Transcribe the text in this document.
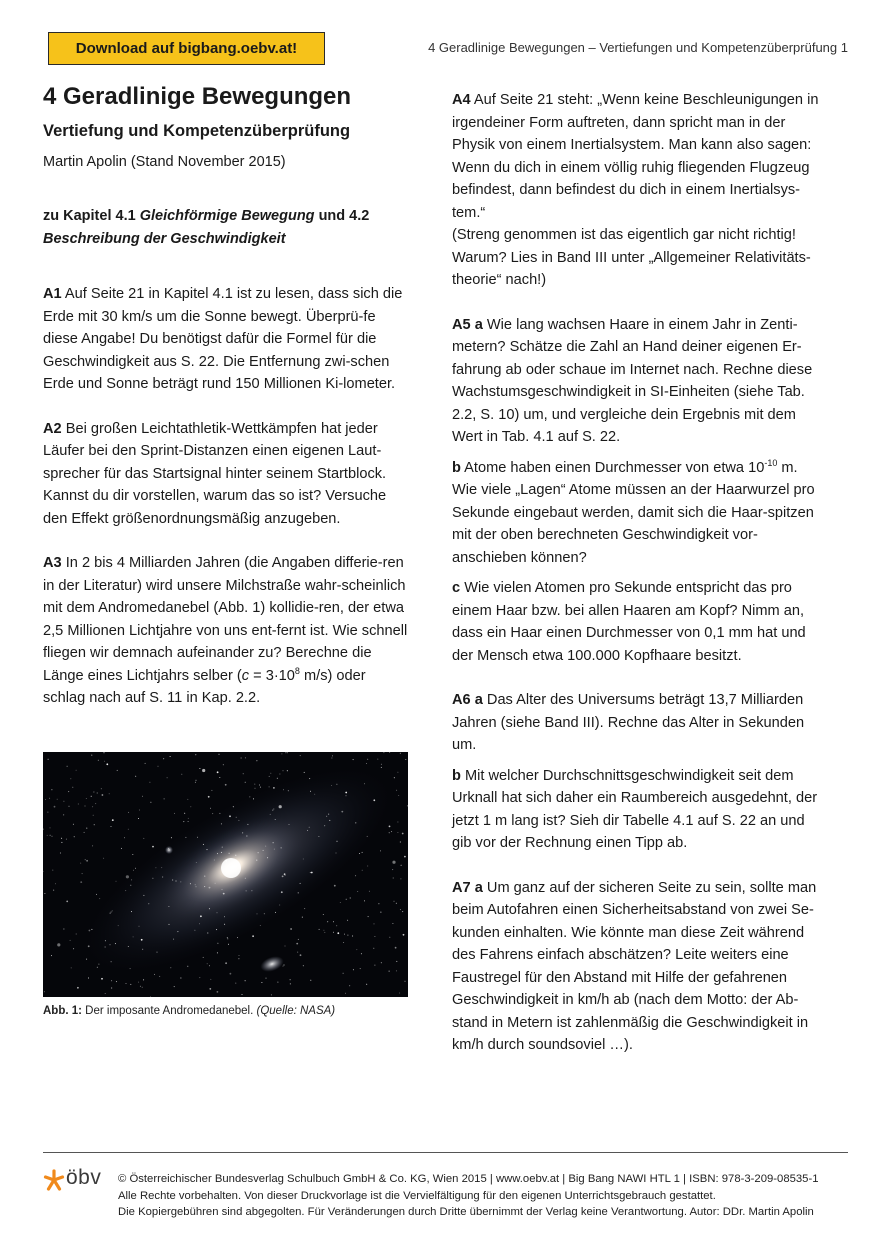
Download auf bigbang.oebv.at!	4 Geradlinige Bewegungen – Vertiefungen und Kompetenzüberprüfung 1
4 Geradlinige Bewegungen
Vertiefung und Kompetenzüberprüfung
Martin Apolin (Stand November 2015)
zu Kapitel 4.1 Gleichförmige Bewegung und 4.2
Beschreibung der Geschwindigkeit

A1 Auf Seite 21 in Kapitel 4.1 ist zu lesen, dass sich die Erde mit 30 km/s um die Sonne bewegt. Überprü-fe diese Angabe! Du benötigst dafür die Formel für die Geschwindigkeit aus S. 22. Die Entfernung zwi-schen Erde und Sonne beträgt rund 150 Millionen Ki-lometer.

A2 Bei großen Leichtathletik-Wettkämpfen hat jeder Läufer bei den Sprint-Distanzen einen eigenen Laut-sprecher für das Startsignal hinter seinem Startblock. Kannst du dir vorstellen, warum das so ist? Versuche den Effekt größenordnungsmäßig anzugeben.

A3 In 2 bis 4 Milliarden Jahren (die Angaben differie-ren in der Literatur) wird unsere Milchstraße wahr-scheinlich mit dem Andromedanebel (Abb. 1) kollidie-ren, der etwa 2,5 Millionen Lichtjahre von uns ent-fernt ist. Wie schnell fliegen wir demnach aufeinander zu? Berechne die Länge eines Lichtjahrs selber ($c = 3\cdot 10^8$ m/s) oder schlag nach auf S. 11 in Kap. 2.2.

Abb. 1: Der imposante Andromedanebel. (Quelle: NASA)

A4 Auf Seite 21 steht: „Wenn keine Beschleunigungen in irgendeiner Form auftreten, dann spricht man in der Physik von einem Inertialsystem. Man kann also sagen: Wenn du dich in einem völlig ruhig fliegenden Flugzeug befindest, dann befindest du dich in einem Inertialsys-tem.“

(Streng genommen ist das eigentlich gar nicht richtig! Warum? Lies in Band III unter „Allgemeiner Relativitäts-theorie“ nach!)

A5 a Wie lang wachsen Haare in einem Jahr in Zenti-metern? Schätze die Zahl an Hand deiner eigenen Er-fahrung ab oder schaue im Internet nach. Rechne diese Wachstumsgeschwindigkeit in SI-Einheiten (siehe Tab. 2.2, S. 10) um, und vergleiche dein Ergebnis mit dem Wert in Tab. 4.1 auf S. 22.

b Atome haben einen Durchmesser von etwa $10^{-10}$ m. Wie viele „Lagen“ Atome müssen an der Haarwurzel pro Sekunde eingebaut werden, damit sich die Haar-spitzen mit der oben berechneten Geschwindigkeit vor-anschieben können?

c Wie vielen Atomen pro Sekunde entspricht das pro einem Haar bzw. bei allen Haaren am Kopf? Nimm an, dass ein Haar einen Durchmesser von 0,1 mm hat und der Mensch etwa 100.000 Kopfhaare besitzt.

A6 a Das Alter des Universums beträgt 13,7 Milliarden Jahren (siehe Band III). Rechne das Alter in Sekunden um.

b Mit welcher Durchschnittsgeschwindigkeit seit dem Urknall hat sich daher ein Raumbereich ausgedehnt, der jetzt 1 m lang ist? Sieh dir Tabelle 4.1 auf S. 22 an und gib vor der Rechnung einen Tipp ab.

A7 a Um ganz auf der sicheren Seite zu sein, sollte man beim Autofahren einen Sicherheitsabstand von zwei Se-kunden einhalten. Wie könnte man diese Zeit während des Fahrens einfach abschätzen? Leite weiters eine Faustregel für den Abstand mit Hilfe der gefahrenen Geschwindigkeit in km/h ab (nach dem Motto: der Ab-stand in Metern ist zahlenmäßig die Geschwindigkeit in km/h durch soundsoviel …).

öbv © Österreichischer Bundesverlag Schulbuch GmbH & Co. KG, Wien 2015 | www.oebv.at | Big Bang NAWI HTL 1 | ISBN: 978-3-209-08535-1
Alle Rechte vorbehalten. Von dieser Druckvorlage ist die Vervielfältigung für den eigenen Unterrichtsgebrauch gestattet.
Die Kopiergebühren sind abgegolten. Für Veränderungen durch Dritte übernimmt der Verlag keine Verantwortung. Autor: DDr. Martin Apolin
